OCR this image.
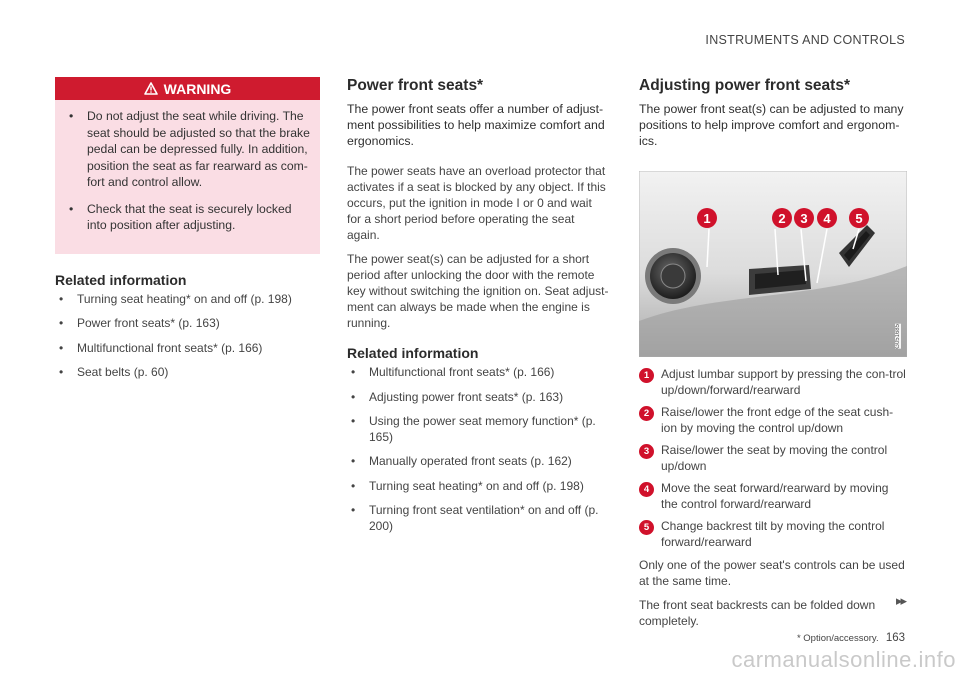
INSTRUMENTS AND CONTROLS
WARNING
• Do not adjust the seat while driving. The seat should be adjusted so that the brake pedal can be depressed fully. In addition, position the seat as far rearward as com-fort and control allow.
• Check that the seat is securely locked into position after adjusting.
Related information
• Turning seat heating* on and off (p. 198)
• Power front seats* (p. 163)
• Multifunctional front seats* (p. 166)
• Seat belts (p. 60)
Power front seats*
The power front seats offer a number of adjust-ment possibilities to help maximize comfort and ergonomics.

The power seats have an overload protector that activates if a seat is blocked by any object. If this occurs, put the ignition in mode I or 0 and wait for a short period before operating the seat again.

The power seat(s) can be adjusted for a short period after unlocking the door with the remote key without switching the ignition on. Seat adjust-ment can always be made when the engine is running.

Related information
• Multifunctional front seats* (p. 166)
• Adjusting power front seats* (p. 163)
• Using the power seat memory function* (p. 165)
• Manually operated front seats (p. 162)
• Turning seat heating* on and off (p. 198)
• Turning front seat ventilation* on and off (p. 200)
Adjusting power front seats*
The power front seat(s) can be adjusted to many positions to help improve comfort and ergonom-ics.
1	2	3	4	5
G051685
1 Adjust lumbar support by pressing the con-trol up/down/forward/rearward
2 Raise/lower the front edge of the seat cush-ion by moving the control up/down
3 Raise/lower the seat by moving the control up/down
4 Move the seat forward/rearward by moving the control forward/rearward
5 Change backrest tilt by moving the control forward/rearward

Only one of the power seat's controls can be used at the same time.

The front seat backrests can be folded down completely.

▸▸
* Option/accessory. 163
carmanualsonline.info
